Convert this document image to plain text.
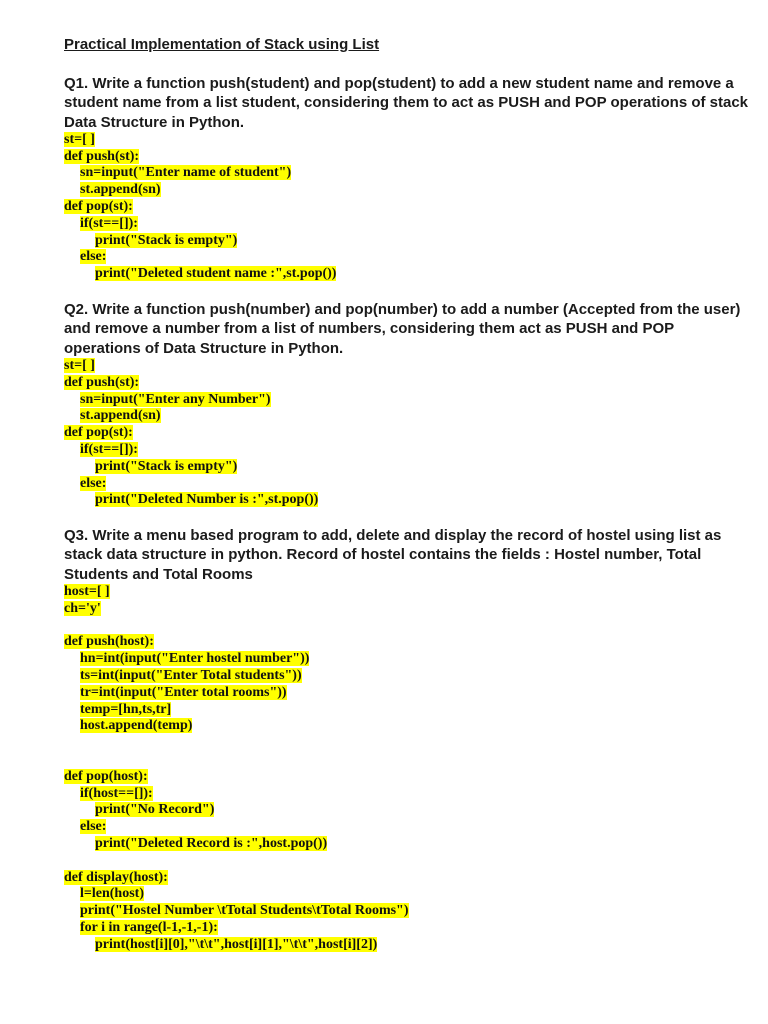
Practical Implementation of Stack using List

Q1. Write a function push(student) and pop(student) to add a new student name and remove a student name from a list student, considering them to act as PUSH and POP operations of stack Data Structure in Python.

st=[ ]
def push(st):
sn=input("Enter name of student")
st.append(sn)
def pop(st):
if(st==[]):
print("Stack is empty")
else:
print("Deleted student name :",st.pop())

Q2. Write a function push(number) and pop(number) to add a number (Accepted from the user) and remove a number from a list of numbers, considering them act as PUSH and POP operations of Data Structure in Python.

st=[ ]
def push(st):
sn=input("Enter any Number")
st.append(sn)
def pop(st):
if(st==[]):
print("Stack is empty")
else:
print("Deleted Number is :",st.pop())

Q3. Write a menu based program to add, delete and display the record of hostel using list as stack data structure in python. Record of hostel contains the fields : Hostel number, Total Students and Total Rooms

host=[ ]
ch='y'
def push(host):
hn=int(input("Enter hostel number"))
ts=int(input("Enter Total students"))
tr=int(input("Enter total rooms"))
temp=[hn,ts,tr]
host.append(temp)
def pop(host):
if(host==[]):
print("No Record")
else:
print("Deleted Record is :",host.pop())
def display(host):
l=len(host)
print("Hostel Number \tTotal Students\tTotal Rooms")
for i in range(l-1,-1,-1):
print(host[i][0],"\t\t",host[i][1],"\t\t",host[i][2])
